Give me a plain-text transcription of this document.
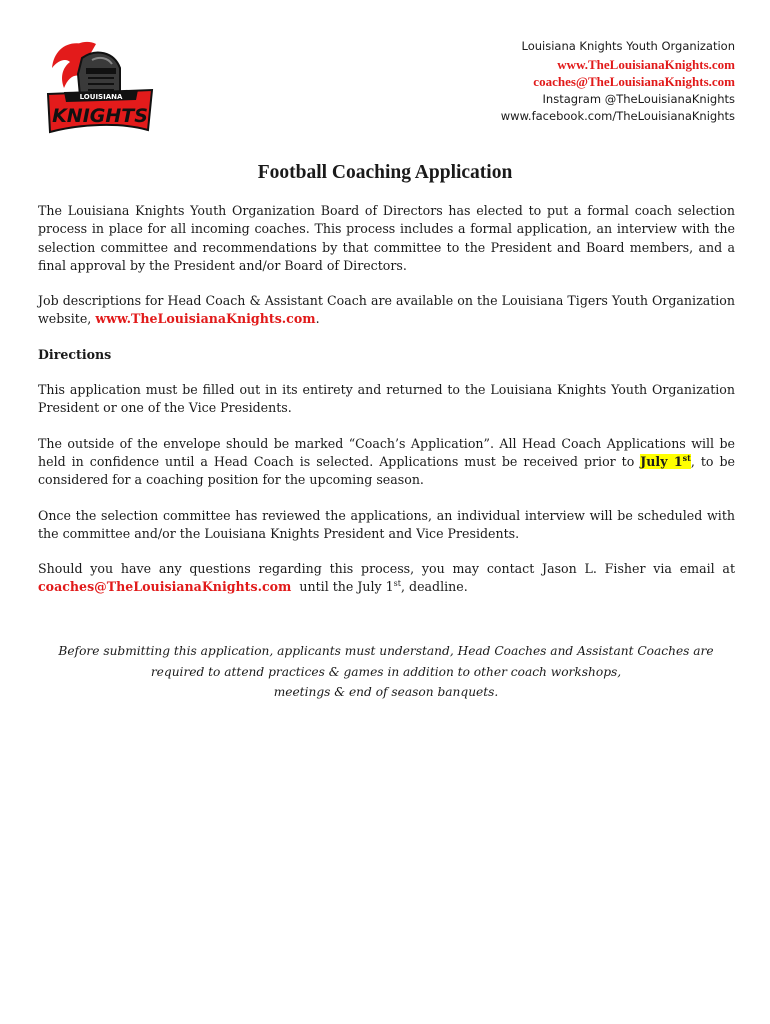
LOUISIANA
KNIGHTS
Louisiana Knights Youth Organization
www.TheLouisianaKnights.com
coaches@TheLouisianaKnights.com
Instagram @TheLouisianaKnights
www.facebook.com/TheLouisianaKnights
Football Coaching Application

The Louisiana Knights Youth Organization Board of Directors has elected to put a formal coach selection process in place for all incoming coaches. This process includes a formal application, an interview with the selection committee and recommendations by that committee to the President and Board members, and a final approval by the President and/or Board of Directors.

Job descriptions for Head Coach & Assistant Coach are available on the Louisiana Tigers Youth Organization website, www.TheLouisianaKnights.com.

Directions

This application must be filled out in its entirety and returned to the Louisiana Knights Youth Organization President or one of the Vice Presidents.

The outside of the envelope should be marked “Coach’s Application”. All Head Coach Applications will be held in confidence until a Head Coach is selected. Applications must be received prior to July 1st, to be considered for a coaching position for the upcoming season.

Once the selection committee has reviewed the applications, an individual interview will be scheduled with the committee and/or the Louisiana Knights President and Vice Presidents.

Should you have any questions regarding this process, you may contact Jason L. Fisher via email at coaches@TheLouisianaKnights.com  until the July 1st, deadline.

Before submitting this application, applicants must understand, Head Coaches and Assistant Coaches are
required to attend practices & games in addition to other coach workshops,
meetings & end of season banquets.
